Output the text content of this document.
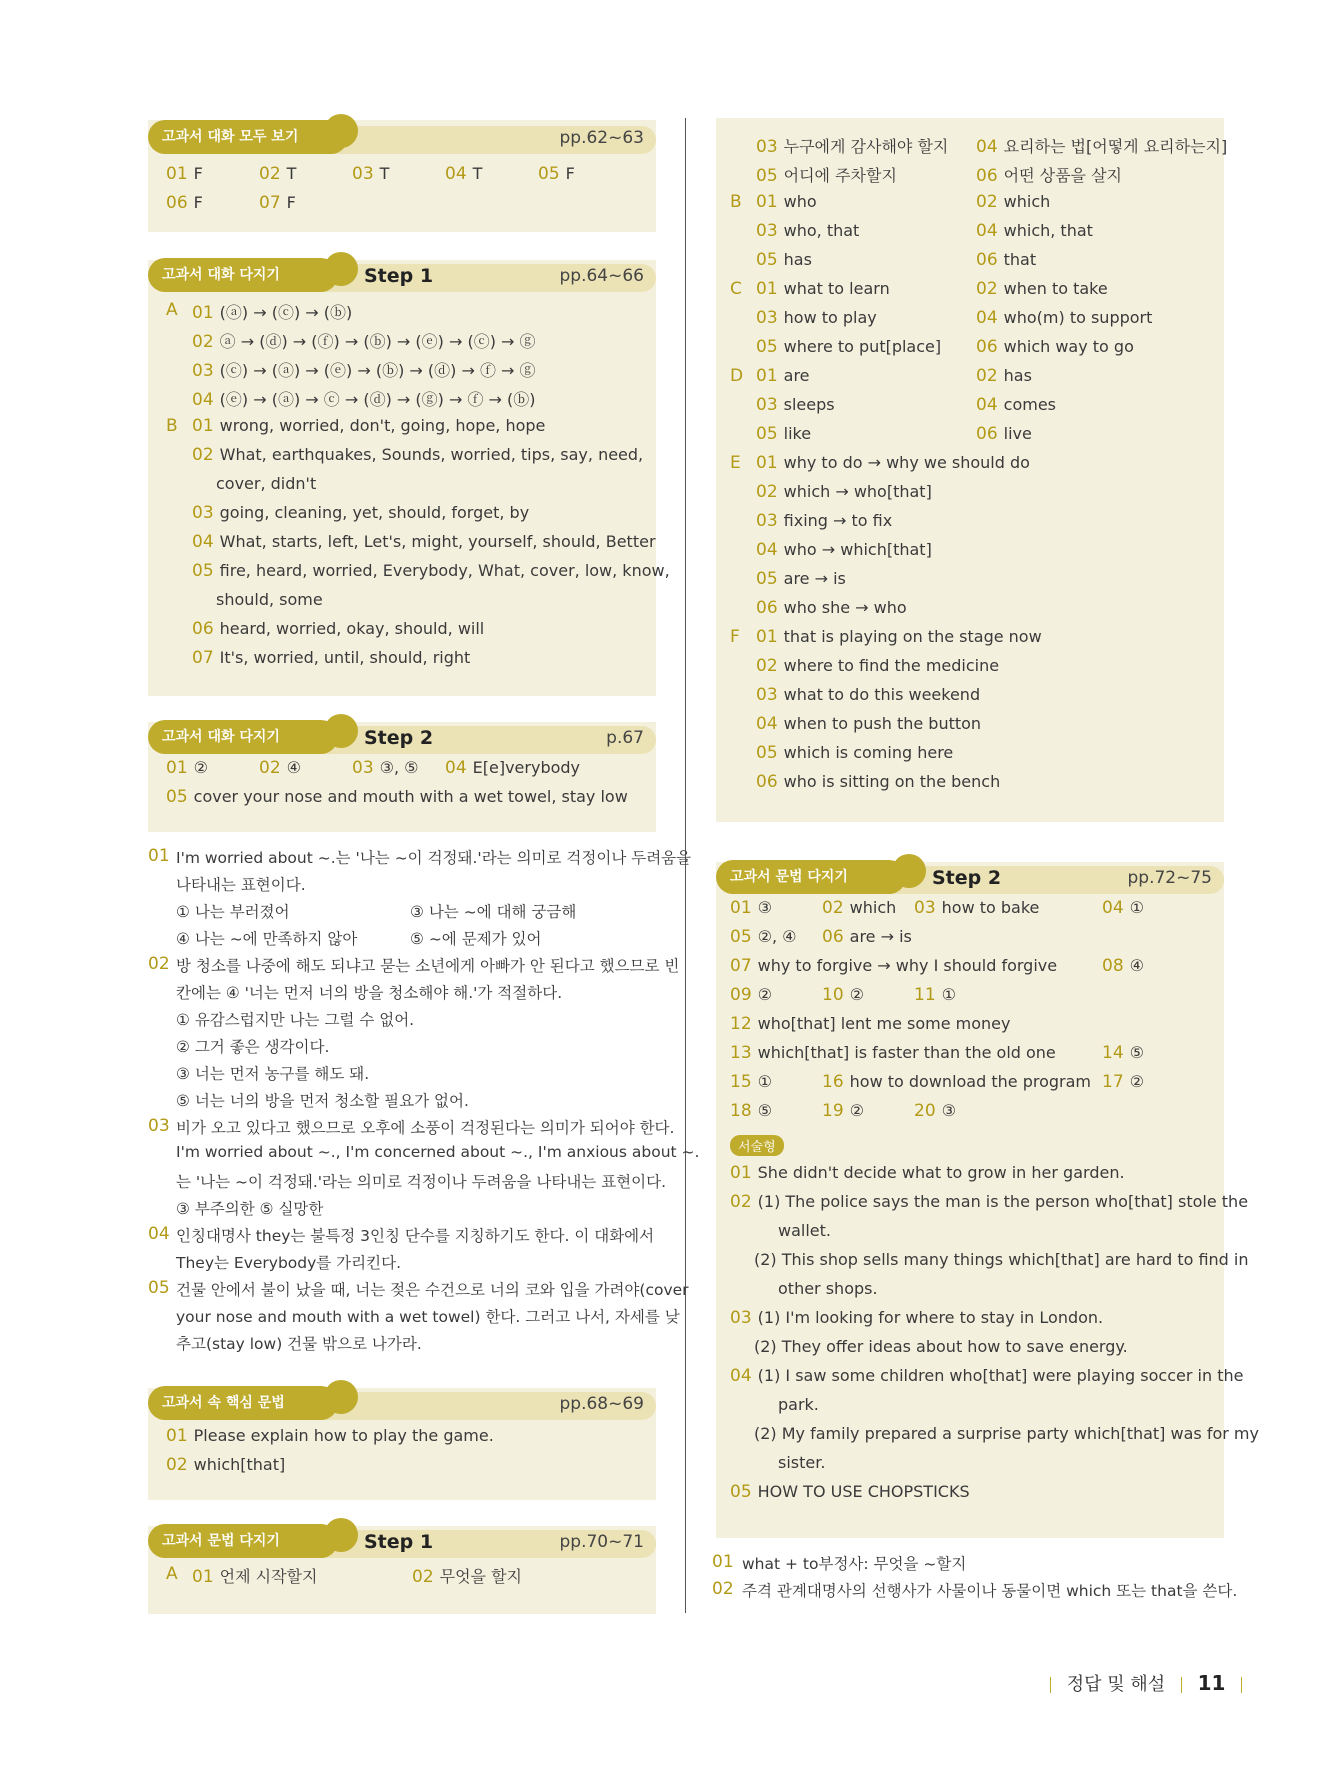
고과서 대화 모두 보기	pp.62~63
01 F	02 T	03 T	04 T	05 F
06 F	07 F
고과서 대화 다지기	Step 1	pp.64~66
A 01 (ⓐ) → (ⓒ) → (ⓑ)
02 ⓐ → (ⓓ) → (ⓕ) → (ⓑ) → (ⓔ) → (ⓒ) → ⓖ
03 (ⓒ) → (ⓐ) → (ⓔ) → (ⓑ) → (ⓓ) → ⓕ → ⓖ
04 (ⓔ) → (ⓐ) → ⓒ → (ⓓ) → (ⓖ) → ⓕ → (ⓑ)
B 01 wrong, worried, don't, going, hope, hope
02 What, earthquakes, Sounds, worried, tips, say, need,
cover, didn't
03 going, cleaning, yet, should, forget, by
04 What, starts, left, Let's, might, yourself, should, Better
05 fire, heard, worried, Everybody, What, cover, low, know,
should, some
06 heard, worried, okay, should, will
07 It's, worried, until, should, right
고과서 대화 다지기	Step 2	p.67
01 ②	02 ④	03 ③, ⑤ 04 E[e]verybody
05 cover your nose and mouth with a wet towel, stay low
01 I'm worried about ~.는 '나는 ~이 걱정돼.'라는 의미로 걱정이나 두려움을
나타내는 표현이다.
① 나는 부러졌어	③ 나는 ~에 대해 궁금해
④ 나는 ~에 만족하지 않아	⑤ ~에 문제가 있어
02 방 청소를 나중에 해도 되냐고 묻는 소년에게 아빠가 안 된다고 했으므로 빈
칸에는 ④ '너는 먼저 너의 방을 청소해야 해.'가 적절하다.
① 유감스럽지만 나는 그럴 수 없어.
② 그거 좋은 생각이다.
③ 너는 먼저 농구를 해도 돼.
⑤ 너는 너의 방을 먼저 청소할 필요가 없어.
03 비가 오고 있다고 했으므로 오후에 소풍이 걱정된다는 의미가 되어야 한다.
I'm worried about ~., I'm concerned about ~., I'm anxious about ~.
는 '나는 ~이 걱정돼.'라는 의미로 걱정이나 두려움을 나타내는 표현이다.
③ 부주의한 ⑤ 실망한
04 인칭대명사 they는 불특정 3인칭 단수를 지칭하기도 한다. 이 대화에서
They는 Everybody를 가리킨다.
05 건물 안에서 불이 났을 때, 너는 젖은 수건으로 너의 코와 입을 가려야(cover
your nose and mouth with a wet towel) 한다. 그러고 나서, 자세를 낮
추고(stay low) 건물 밖으로 나가라.
고과서 속 핵심 문법	pp.68~69
01 Please explain how to play the game.
02 which[that]
고과서 문법 다지기	Step 1	pp.70~71
A 01 언제 시작할지	02 무엇을 할지
03 누구에게 감사해야 할지 04 요리하는 법[어떻게 요리하는지]
05 어디에 주차할지	06 어떤 상품을 살지
B 01 who	02 which
03 who, that	04 which, that
05 has	06 that
C 01 what to learn	02 when to take
03 how to play	04 who(m) to support
05 where to put[place] 06 which way to go
D 01 are	02 has
03 sleeps	04 comes
05 like	06 live
E 01 why to do → why we should do
02 which → who[that]
03 fixing → to fix
04 who → which[that]
05 are → is
06 who she → who
F 01 that is playing on the stage now
02 where to find the medicine
03 what to do this weekend
04 when to push the button
05 which is coming here
06 who is sitting on the bench
고과서 문법 다지기	Step 2	pp.72~75
01 ③	02 which 03 how to bake	04 ①
05 ②, ④ 06 are → is
07 why to forgive → why I should forgive	08 ④
09 ②	10 ②	11 ①
12 who[that] lent me some money
13 which[that] is faster than the old one	14 ⑤
15 ①	16 how to download the program 17 ②
18 ⑤	19 ②	20 ③
서술형
01 She didn't decide what to grow in her garden.
02 (1) The police says the man is the person who[that] stole the
wallet.
(2) This shop sells many things which[that] are hard to find in
other shops.
03 (1) I'm looking for where to stay in London.
(2) They offer ideas about how to save energy.
04 (1) I saw some children who[that] were playing soccer in the
park.
(2) My family prepared a surprise party which[that] was for my
sister.
05 HOW TO USE CHOPSTICKS
01 what + to부정사: 무엇을 ~할지
02 주격 관계대명사의 선행사가 사물이나 동물이면 which 또는 that을 쓴다.
정답 및 해설 11
